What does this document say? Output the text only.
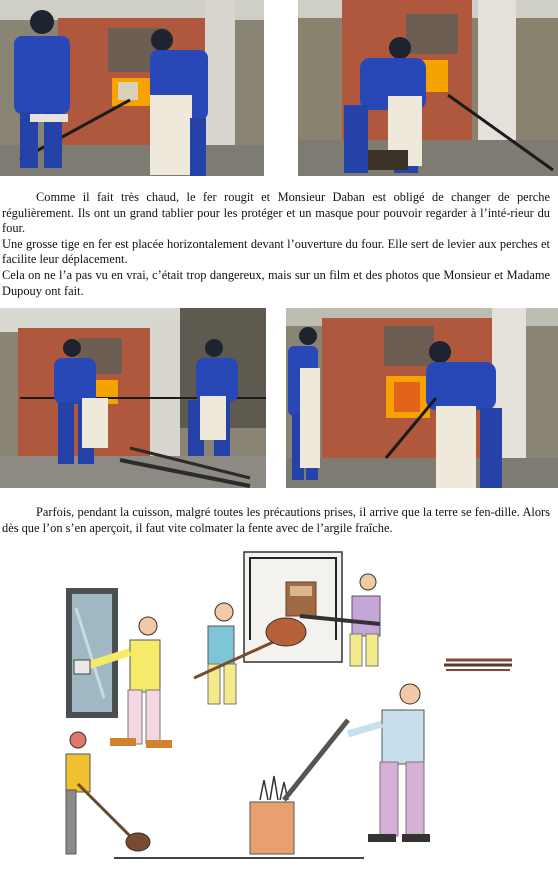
Comme il fait très chaud, le fer rougit et Monsieur Daban est obligé de changer de perche régulièrement. Ils ont un grand tablier pour les protéger et un masque pour pouvoir regarder à l’inté-rieur du four.

Une grosse tige en fer est placée horizontalement devant l’ouverture du four. Elle sert de levier aux perches et facilite leur déplacement.

Cela on ne l’a pas vu en vrai, c’était trop dangereux, mais sur un film et des photos que Monsieur et Madame Dupouy ont fait.

Parfois, pendant la cuisson, malgré toutes les précautions prises, il arrive que la terre se fen-dille. Alors dès que l’on s’en aperçoit, il faut vite colmater la fente avec de l’argile fraîche.
